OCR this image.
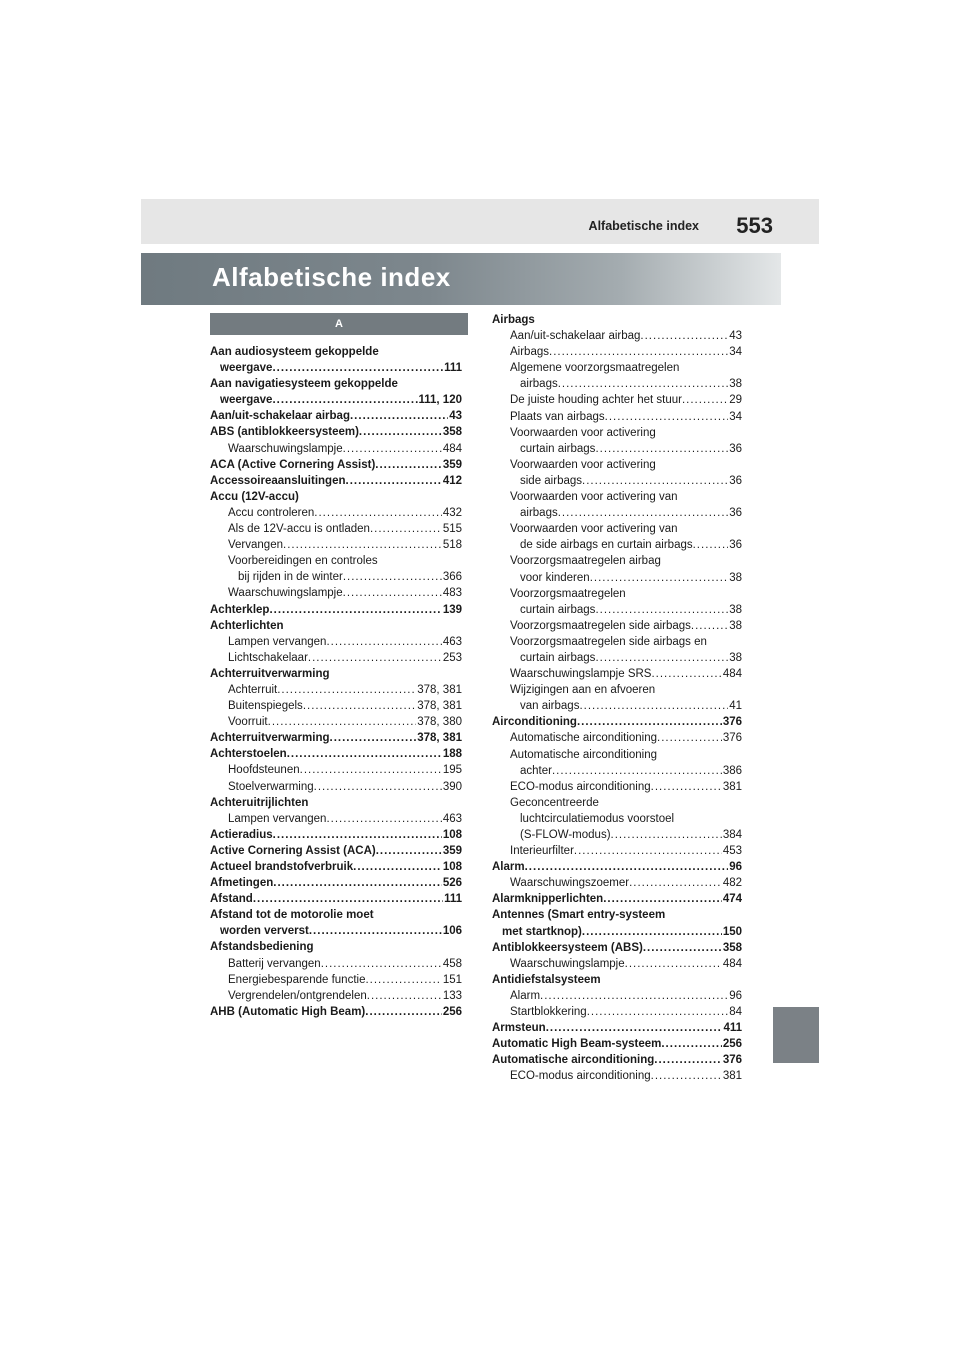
Alfabetische index 553
Alfabetische index
A
Aan audiosysteem gekoppelde
weergave .....	111
Aan navigatiesysteem gekoppelde
weergave .....	111, 120
Aan/uit-schakelaar airbag .....	43
ABS (antiblokkeersysteem) .....	358
Waarschuwingslampje .....	484
ACA (Active Cornering Assist) .....	359
Accessoireaansluitingen .....	412
Accu (12V-accu)
Accu controleren .....	432
Als de 12V-accu is ontladen .....	515
Vervangen .....	518
Voorbereidingen en controles
bij rijden in de winter .....	366
Waarschuwingslampje .....	483
Achterklep .....	139
Achterlichten
Lampen vervangen .....	463
Lichtschakelaar .....	253
Achterruitverwarming
Achterruit .....	378, 381
Buitenspiegels .....	378, 381
Voorruit .....	378, 380
Achterruitverwarming .....	378, 381
Achterstoelen .....	188
Hoofdsteunen .....	195
Stoelverwarming .....	390
Achteruitrijlichten
Lampen vervangen .....	463
Actieradius .....	108
Active Cornering Assist (ACA) .....	359
Actueel brandstofverbruik .....	108
Afmetingen .....	526
Afstand .....	111
Afstand tot de motorolie moet
worden ververst .....	106
Afstandsbediening
Batterij vervangen .....	458
Energiebesparende functie .....	151
Vergrendelen/ontgrendelen .....	133
AHB (Automatic High Beam) .....	256
Airbags
Aan/uit-schakelaar airbag .....	43
Airbags .....	34
Algemene voorzorgsmaatregelen
airbags .....	38
De juiste houding achter het stuur .....	29
Plaats van airbags .....	34
Voorwaarden voor activering
curtain airbags .....	36
Voorwaarden voor activering
side airbags .....	36
Voorwaarden voor activering van
airbags .....	36
Voorwaarden voor activering van
de side airbags en curtain airbags .....	36
Voorzorgsmaatregelen airbag
voor kinderen .....	38
Voorzorgsmaatregelen
curtain airbags .....	38
Voorzorgsmaatregelen side airbags .....	38
Voorzorgsmaatregelen side airbags en
curtain airbags .....	38
Waarschuwingslampje SRS .....	484
Wijzigingen aan en afvoeren
van airbags .....	41
Airconditioning .....	376
Automatische airconditioning .....	376
Automatische airconditioning
achter .....	386
ECO-modus airconditioning .....	381
Geconcentreerde
luchtcirculatiemodus voorstoel
(S-FLOW-modus) .....	384
Interieurfilter .....	453
Alarm .....	96
Waarschuwingszoemer .....	482
Alarmknipperlichten .....	474
Antennes (Smart entry-systeem
met startknop) .....	150
Antiblokkeersysteem (ABS) .....	358
Waarschuwingslampje .....	484
Antidiefstalsysteem
Alarm .....	96
Startblokkering .....	84
Armsteun .....	411
Automatic High Beam-systeem .....	256
Automatische airconditioning .....	376
ECO-modus airconditioning .....	381
